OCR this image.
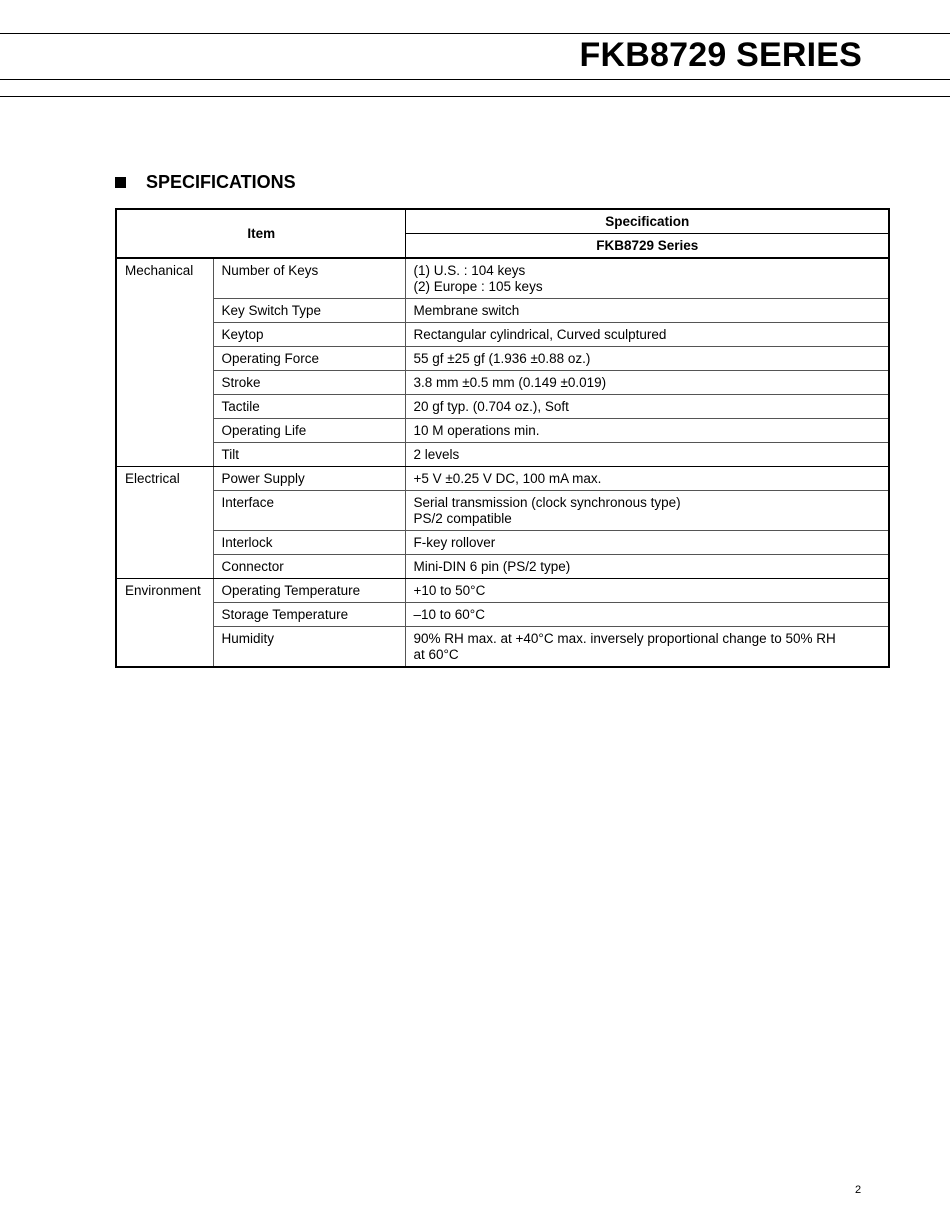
FKB8729 SERIES
SPECIFICATIONS
Item		Specification
		FKB8729 Series
Mechanical	Number of Keys	(1) U.S. : 104 keys
(2) Europe : 105 keys

	Key Switch Type	Membrane switch

	Keytop	Rectangular cylindrical, Curved sculptured

	Operating Force	55 gf ±25 gf (1.936 ±0.88 oz.)

	Stroke	3.8 mm ±0.5 mm (0.149 ±0.019)

	Tactile	20 gf typ. (0.704 oz.), Soft

	Operating Life	10 M operations min.

	Tilt	2 levels

Electrical	Power Supply	+5 V ±0.25 V DC, 100 mA max.

	Interface	Serial transmission (clock synchronous type)
PS/2 compatible

	Interlock	F-key rollover

	Connector	Mini-DIN 6 pin (PS/2 type)

Environment	Operating Temperature	+10 to 50°C

	Storage Temperature	–10 to 60°C

	Humidity	90% RH max. at +40°C max. inversely proportional change to 50% RH
at 60°C
2
